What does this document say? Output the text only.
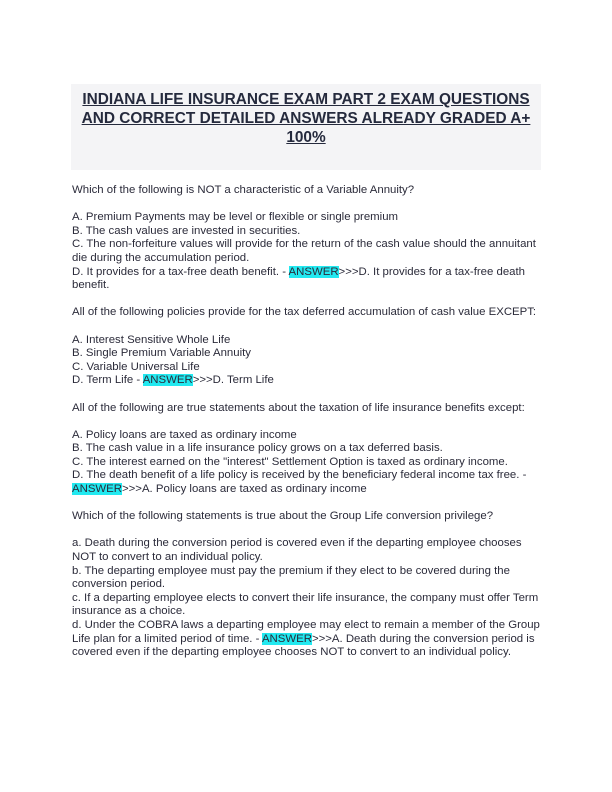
INDIANA LIFE INSURANCE EXAM PART 2 EXAM QUESTIONS AND CORRECT DETAILED ANSWERS ALREADY GRADED A+ 100%

Which of the following is NOT a characteristic of a Variable Annuity?

A. Premium Payments may be level or flexible or single premium

B. The cash values are invested in securities.

C. The non-forfeiture values will provide for the return of the cash value should the annuitant die during the accumulation period.

D. It provides for a tax-free death benefit. - ANSWER>>>D. It provides for a tax-free death benefit.

All of the following policies provide for the tax deferred accumulation of cash value EXCEPT:

A. Interest Sensitive Whole Life

B. Single Premium Variable Annuity

C. Variable Universal Life

D. Term Life - ANSWER>>>D. Term Life

All of the following are true statements about the taxation of life insurance benefits except:

A. Policy loans are taxed as ordinary income

B. The cash value in a life insurance policy grows on a tax deferred basis.

C. The interest earned on the "interest" Settlement Option is taxed as ordinary income.

D. The death benefit of a life policy is received by the beneficiary federal income tax free. - ANSWER>>>A. Policy loans are taxed as ordinary income

Which of the following statements is true about the Group Life conversion privilege?

a. Death during the conversion period is covered even if the departing employee chooses NOT to convert to an individual policy.

b. The departing employee must pay the premium if they elect to be covered during the conversion period.

c. If a departing employee elects to convert their life insurance, the company must offer Term insurance as a choice.

d. Under the COBRA laws a departing employee may elect to remain a member of the Group Life plan for a limited period of time. - ANSWER>>>A. Death during the conversion period is covered even if the departing employee chooses NOT to convert to an individual policy.
